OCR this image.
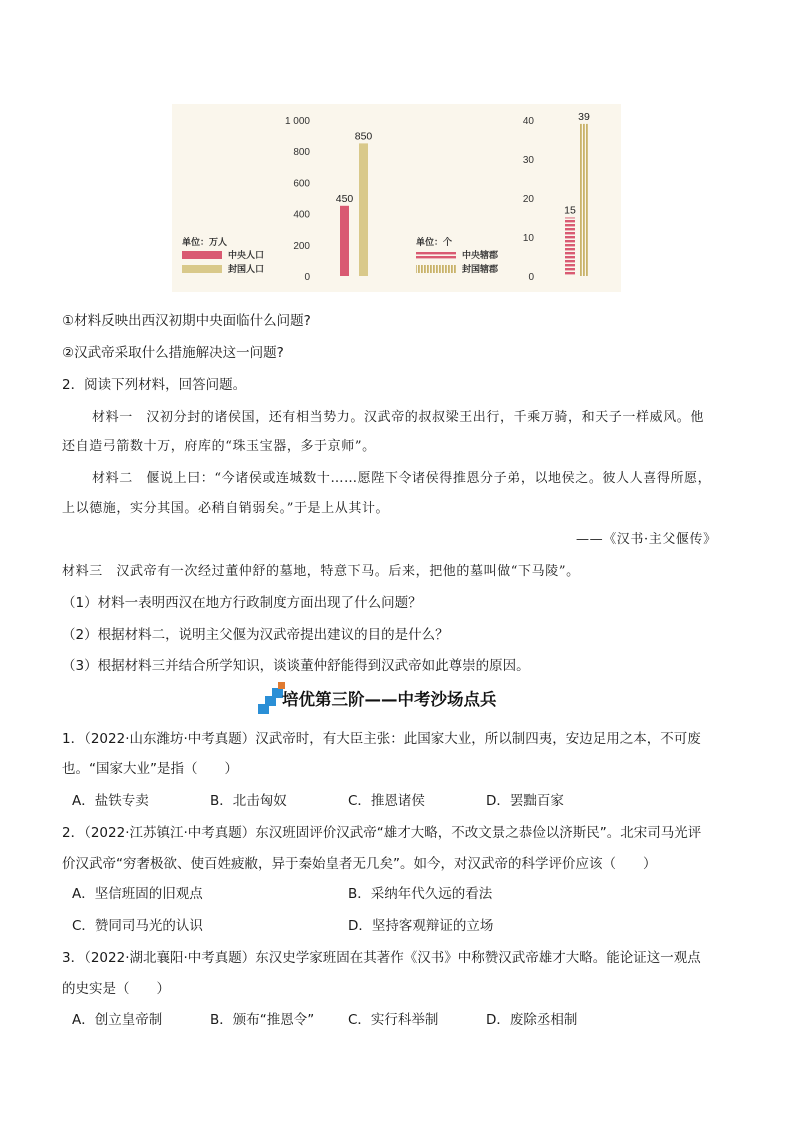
1 000
800
600
400
200
0
450
850
单位：万人
中央人口
封国人口
40
30
20
10
0
15
39
单位：个
中央辖郡
封国辖郡
①材料反映出西汉初期中央面临什么问题?
②汉武帝采取什么措施解决这一问题?
2．阅读下列材料，回答问题。
材料一　汉初分封的诸侯国，还有相当势力。汉武帝的叔叔梁王出行，千乘万骑，和天子一样威风。他
还自造弓箭数十万，府库的“珠玉宝器，多于京师”。
材料二　偃说上曰：“今诸侯或连城数十……愿陛下令诸侯得推恩分子弟，以地侯之。彼人人喜得所愿，
上以德施，实分其国。必稍自销弱矣。”于是上从其计。
——《汉书·主父偃传》
材料三　汉武帝有一次经过董仲舒的墓地，特意下马。后来，把他的墓叫做“下马陵”。
（1）材料一表明西汉在地方行政制度方面出现了什么问题？
（2）根据材料二，说明主父偃为汉武帝提出建议的目的是什么？
（3）根据材料三并结合所学知识，谈谈董仲舒能得到汉武帝如此尊崇的原因。
培优第三阶——中考沙场点兵
1．（2022·山东潍坊·中考真题）汉武帝时，有大臣主张：此国家大业，所以制四夷，安边足用之本，不可废
也。“国家大业”是指（　　）
A．盐铁专卖	B．北击匈奴	C．推恩诸侯	D．罢黜百家
2．（2022·江苏镇江·中考真题）东汉班固评价汉武帝“雄才大略，不改文景之恭俭以济斯民”。北宋司马光评
价汉武帝“穷奢极欲、使百姓疲敝，异于秦始皇者无几矣”。如今，对汉武帝的科学评价应该（　　）
A．坚信班固的旧观点	B．采纳年代久远的看法
C．赞同司马光的认识	D．坚持客观辩证的立场
3．（2022·湖北襄阳·中考真题）东汉史学家班固在其著作《汉书》中称赞汉武帝雄才大略。能论证这一观点
的史实是（　　）
A．创立皇帝制	B．颁布“推恩令”	C．实行科举制	D．废除丞相制
